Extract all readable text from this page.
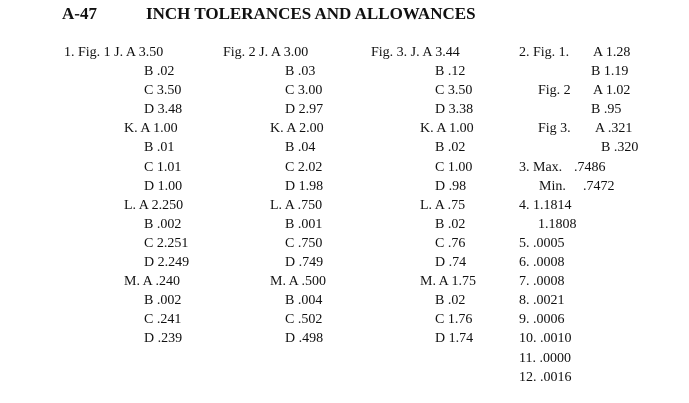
A-47	INCH TOLERANCES AND ALLOWANCES
1. Fig. 1 J. A 3.50
B .02
C 3.50
D 3.48
K. A 1.00
B .01
C 1.01
D 1.00
L. A 2.250
B .002
C 2.251
D 2.249
M. A .240
B .002
C .241
D .239
Fig. 2 J. A 3.00
B .03
C 3.00
D 2.97
K. A 2.00
B .04
C 2.02
D 1.98
L. A .750
B .001
C .750
D .749
M. A .500
B .004
C .502
D .498
Fig. 3. J. A 3.44
B .12
C 3.50
D 3.38
K. A 1.00
B .02
C 1.00
D .98
L. A .75
B .02
C .76
D .74
M. A 1.75
B .02
C 1.76
D 1.74
2. Fig. 1. A 1.28
B 1.19
Fig. 2 A 1.02
B .95
Fig 3. A .321
B .320
3. Max. .7486
Min. .7472
4. 1.1814
1.1808
5. .0005
6. .0008
7. .0008
8. .0021
9. .0006
10. .0010
11. .0000
12. .0016
